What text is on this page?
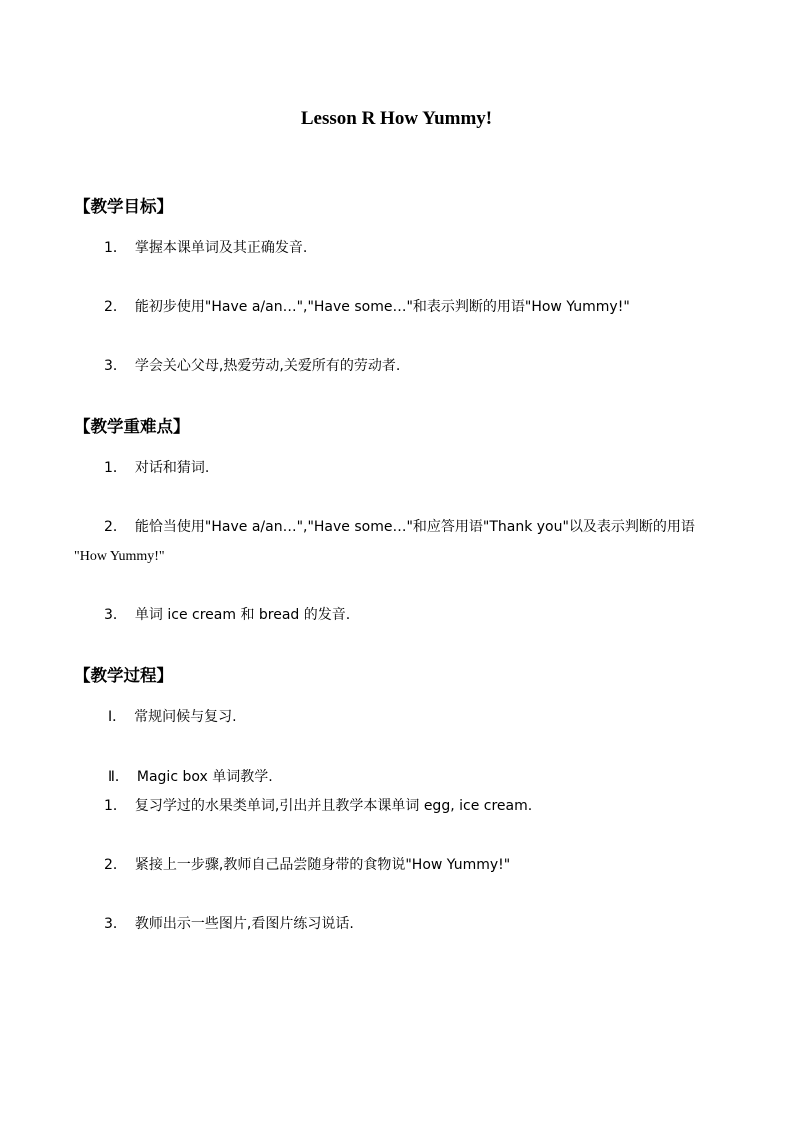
Lesson R How Yummy!
【教学目标】
1． 掌握本课单词及其正确发音.
2． 能初步使用"Have a/an…","Have some…"和表示判断的用语"How Yummy!"
3． 学会关心父母,热爱劳动,关爱所有的劳动者.
【教学重难点】
1． 对话和猜词.
2． 能恰当使用"Have a/an…","Have some…"和应答用语"Thank you"以及表示判断的用语
"How Yummy!"
3． 单词 ice cream 和 bread 的发音.
【教学过程】
Ⅰ． 常规问候与复习.
Ⅱ． Magic box 单词教学.
1． 复习学过的水果类单词,引出并且教学本课单词 egg, ice cream.
2． 紧接上一步骤,教师自己品尝随身带的食物说"How Yummy!"
3． 教师出示一些图片,看图片练习说话.
